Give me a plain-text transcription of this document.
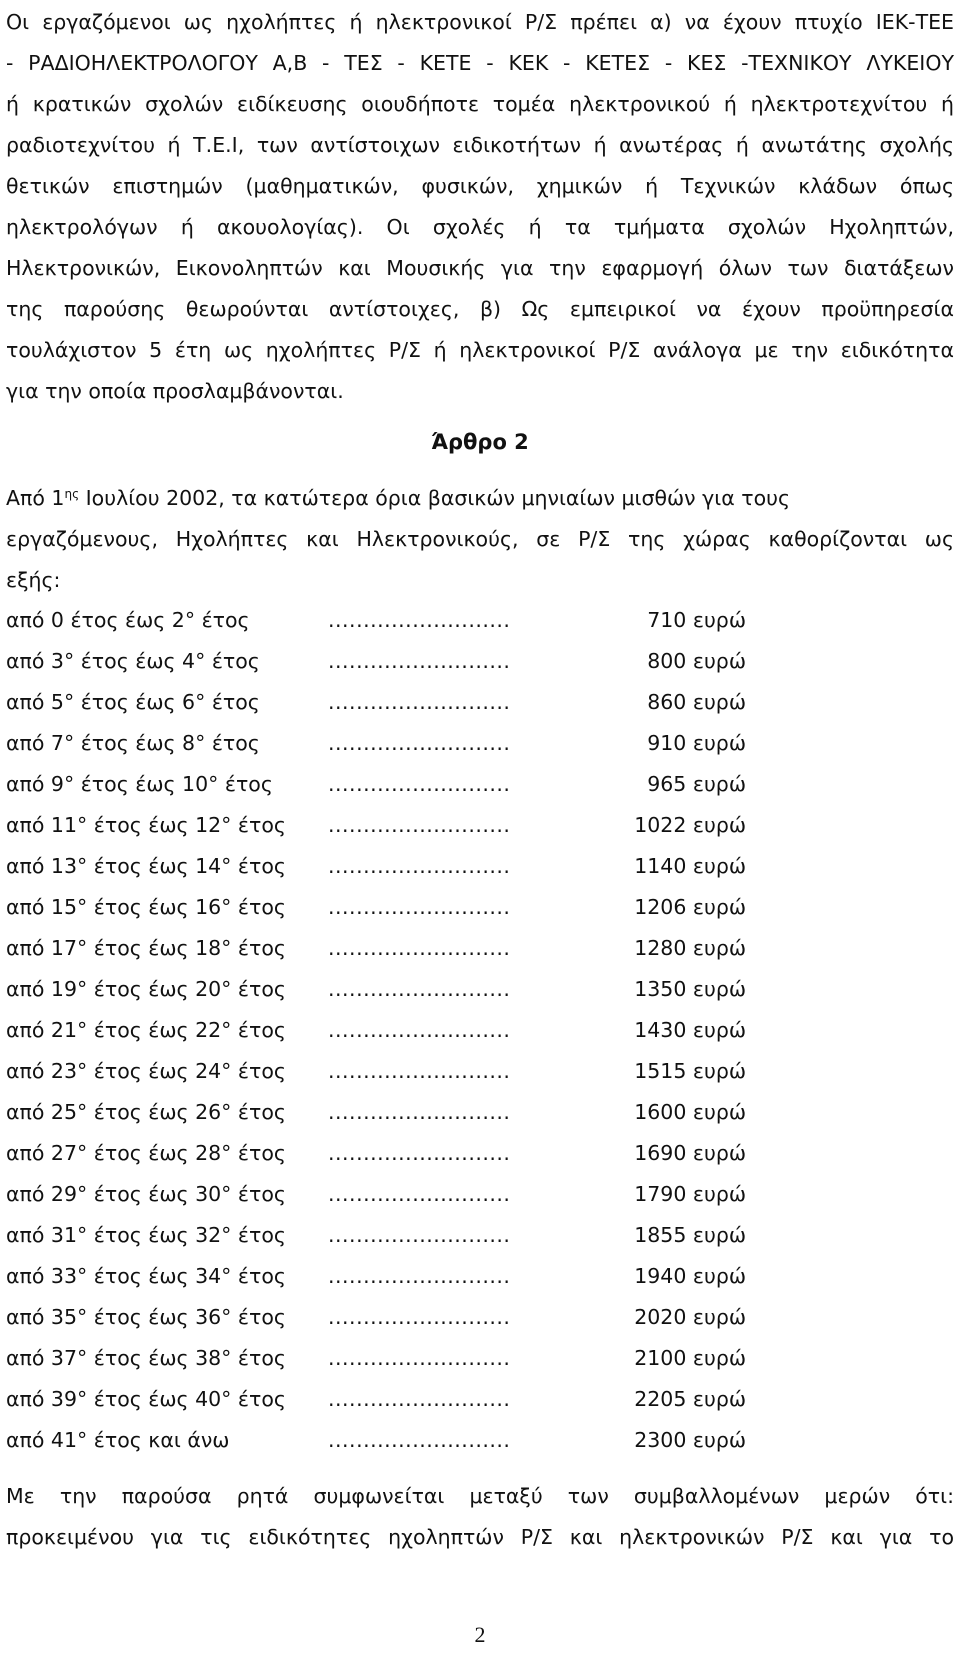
Οι εργαζόμενοι ως ηχολήπτες ή ηλεκτρονικοί Ρ/Σ πρέπει α) να έχουν πτυχίο ΙΕΚ-ΤΕΕ
- ΡΑΔΙΟΗΛΕΚΤΡΟΛΟΓΟΥ Α,Β - ΤΕΣ - ΚΕΤΕ - ΚΕΚ - ΚΕΤΕΣ - ΚΕΣ -ΤΕΧΝΙΚΟΥ ΛΥΚΕΙΟΥ
ή κρατικών σχολών ειδίκευσης οιουδήποτε τομέα ηλεκτρονικού ή ηλεκτροτεχνίτου ή
ραδιοτεχνίτου ή Τ.Ε.Ι, των αντίστοιχων ειδικοτήτων ή ανωτέρας ή ανωτάτης σχολής
θετικών επιστημών (μαθηματικών, φυσικών, χημικών ή Τεχνικών κλάδων όπως
ηλεκτρολόγων ή ακουολογίας). Οι σχολές ή τα τμήματα σχολών Ηχοληπτών,
Ηλεκτρονικών, Εικονοληπτών και Μουσικής για την εφαρμογή όλων των διατάξεων
της παρούσης θεωρούνται αντίστοιχες, β) Ως εμπειρικοί να έχουν προϋπηρεσία
τουλάχιστον 5 έτη ως ηχολήπτες Ρ/Σ ή ηλεκτρονικοί Ρ/Σ ανάλογα με την ειδικότητα
για την οποία προσλαμβάνονται.
Άρθρο 2
Από $1^{\eta\varsigma}$ Ιουλίου 2002, τα κατώτερα όρια βασικών μηνιαίων μισθών για τους
εργαζόμενους, Ηχολήπτες και Ηλεκτρονικούς, σε Ρ/Σ της χώρας καθορίζονται ως
εξής:
από 0 έτος έως 2° έτος	..........................	710 ευρώ
από 3° έτος έως 4° έτος	..........................	800 ευρώ
από 5° έτος έως 6° έτος	..........................	860 ευρώ
από 7° έτος έως 8° έτος	..........................	910 ευρώ
από 9° έτος έως 10° έτος	..........................	965 ευρώ
από 11° έτος έως 12° έτος ..........................	1022 ευρώ
από 13° έτος έως 14° έτος ..........................	1140 ευρώ
από 15° έτος έως 16° έτος ..........................	1206 ευρώ
από 17° έτος έως 18° έτος ..........................	1280 ευρώ
από 19° έτος έως 20° έτος ..........................	1350 ευρώ
από 21° έτος έως 22° έτος ..........................	1430 ευρώ
από 23° έτος έως 24° έτος ..........................	1515 ευρώ
από 25° έτος έως 26° έτος ..........................	1600 ευρώ
από 27° έτος έως 28° έτος ..........................	1690 ευρώ
από 29° έτος έως 30° έτος ..........................	1790 ευρώ
από 31° έτος έως 32° έτος ..........................	1855 ευρώ
από 33° έτος έως 34° έτος ..........................	1940 ευρώ
από 35° έτος έως 36° έτος ..........................	2020 ευρώ
από 37° έτος έως 38° έτος ..........................	2100 ευρώ
από 39° έτος έως 40° έτος ..........................	2205 ευρώ
από 41° έτος και άνω	..........................	2300 ευρώ
Με την παρούσα ρητά συμφωνείται μεταξύ των συμβαλλομένων μερών ότι:
προκειμένου για τις ειδικότητες ηχοληπτών Ρ/Σ και ηλεκτρονικών Ρ/Σ και για το
2
